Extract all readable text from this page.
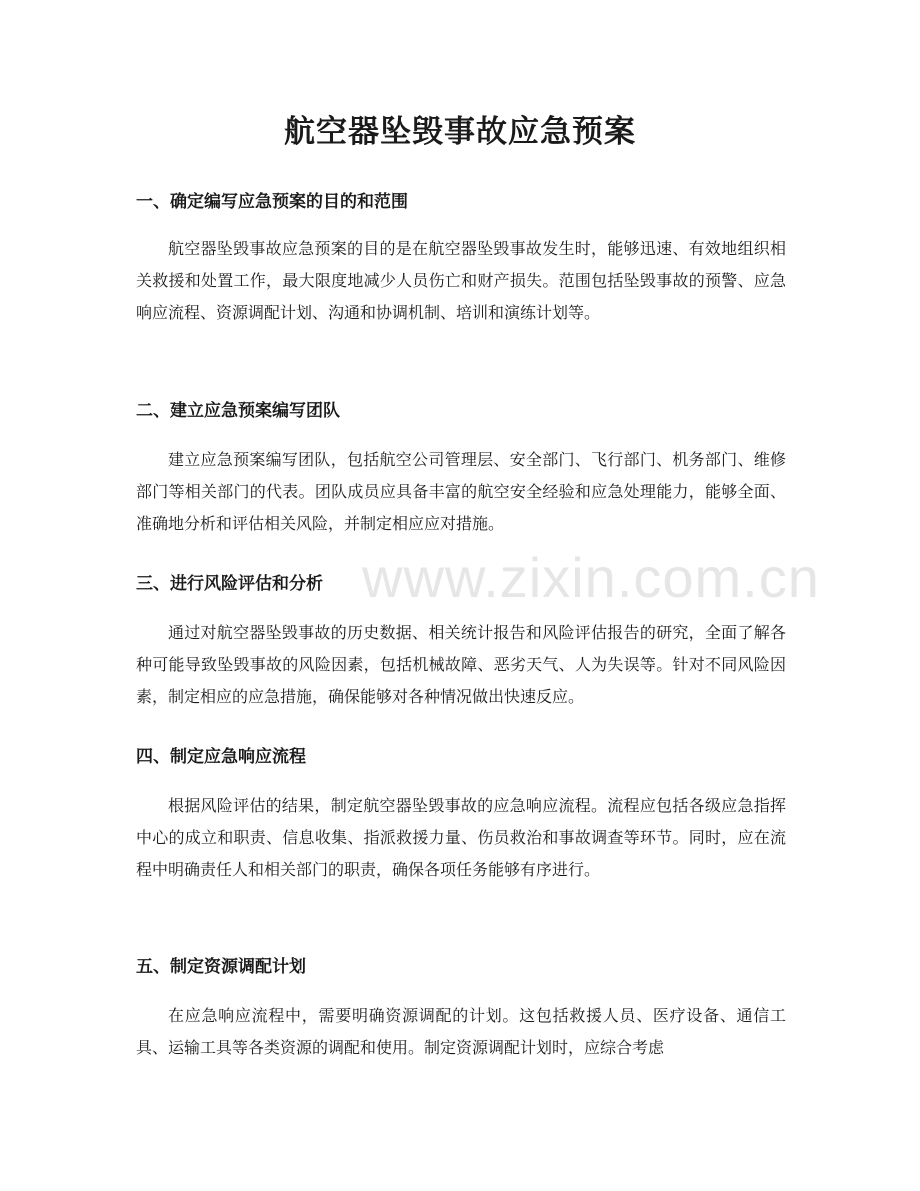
www.zixin.com.cn
航空器坠毁事故应急预案
一、确定编写应急预案的目的和范围

航空器坠毁事故应急预案的目的是在航空器坠毁事故发生时，能够迅速、有效地组织相关救援和处置工作，最大限度地减少人员伤亡和财产损失。范围包括坠毁事故的预警、应急响应流程、资源调配计划、沟通和协调机制、培训和演练计划等。

二、建立应急预案编写团队

建立应急预案编写团队，包括航空公司管理层、安全部门、飞行部门、机务部门、维修部门等相关部门的代表。团队成员应具备丰富的航空安全经验和应急处理能力，能够全面、准确地分析和评估相关风险，并制定相应应对措施。

三、进行风险评估和分析

通过对航空器坠毁事故的历史数据、相关统计报告和风险评估报告的研究，全面了解各种可能导致坠毁事故的风险因素，包括机械故障、恶劣天气、人为失误等。针对不同风险因素，制定相应的应急措施，确保能够对各种情况做出快速反应。

四、制定应急响应流程

根据风险评估的结果，制定航空器坠毁事故的应急响应流程。流程应包括各级应急指挥中心的成立和职责、信息收集、指派救援力量、伤员救治和事故调查等环节。同时，应在流程中明确责任人和相关部门的职责，确保各项任务能够有序进行。

五、制定资源调配计划

在应急响应流程中，需要明确资源调配的计划。这包括救援人员、医疗设备、通信工具、运输工具等各类资源的调配和使用。制定资源调配计划时，应综合考虑
